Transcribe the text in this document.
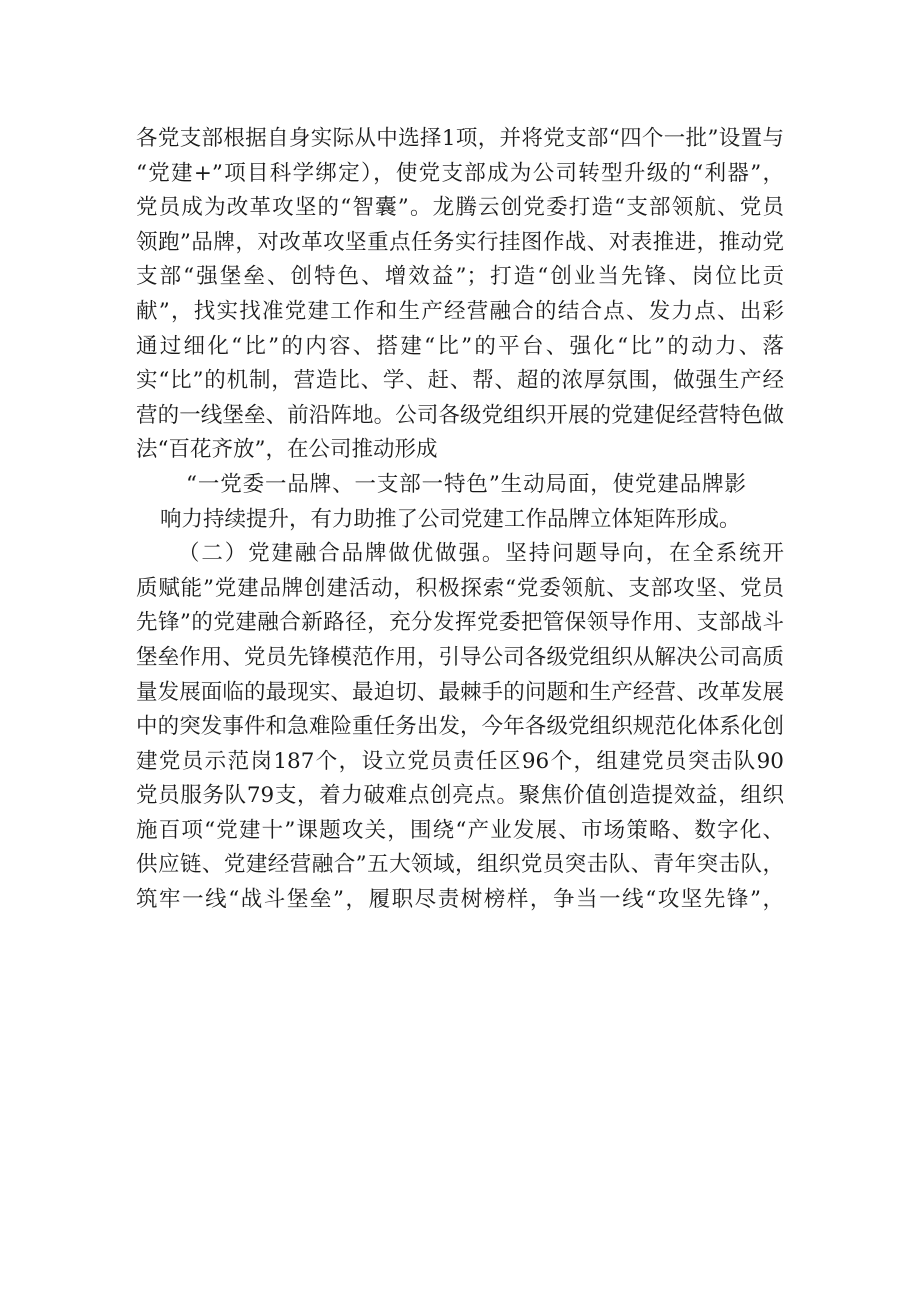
各党支部根据自身实际从中选择1项，并将党支部“四个一批”设置与
“党建+”项目科学绑定），使党支部成为公司转型升级的“利器”，
党员成为改革攻坚的“智囊”。龙腾云创党委打造“支部领航、党员
领跑”品牌，对改革攻坚重点任务实行挂图作战、对表推进，推动党
支部“强堡垒、创特色、增效益”；打造“创业当先锋、岗位比贡
献”，找实找准党建工作和生产经营融合的结合点、发力点、出彩
通过细化“比”的内容、搭建“比”的平台、强化“比”的动力、落
实“比”的机制，营造比、学、赶、帮、超的浓厚氛围，做强生产经
营的一线堡垒、前沿阵地。公司各级党组织开展的党建促经营特色做
法“百花齐放”，在公司推动形成
“一党委一品牌、一支部一特色”生动局面，使党建品牌影
响力持续提升，有力助推了公司党建工作品牌立体矩阵形成。
（二）党建融合品牌做优做强。坚持问题导向，在全系统开
质赋能”党建品牌创建活动，积极探索“党委领航、支部攻坚、党员
先锋”的党建融合新路径，充分发挥党委把管保领导作用、支部战斗
堡垒作用、党员先锋模范作用，引导公司各级党组织从解决公司高质
量发展面临的最现实、最迫切、最棘手的问题和生产经营、改革发展
中的突发事件和急难险重任务出发，今年各级党组织规范化体系化创
建党员示范岗187个，设立党员责任区96个，组建党员突击队90
党员服务队79支，着力破难点创亮点。聚焦价值创造提效益，组织
施百项“党建十”课题攻关，围绕“产业发展、市场策略、数字化、
供应链、党建经营融合”五大领域，组织党员突击队、青年突击队，
筑牢一线“战斗堡垒”，履职尽责树榜样，争当一线“攻坚先锋”，
